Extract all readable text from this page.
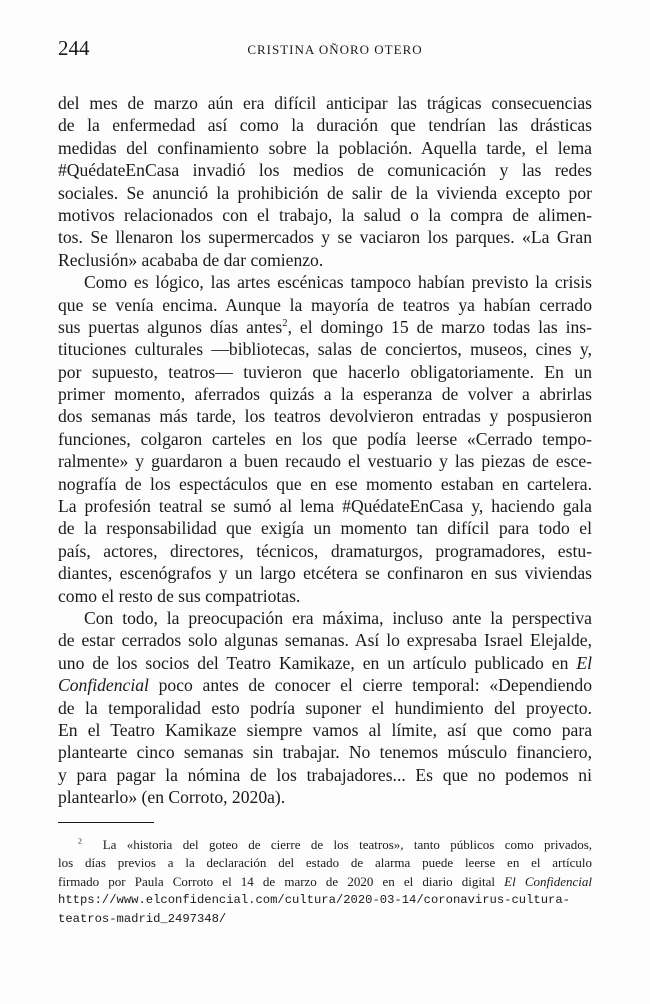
244	CRISTINA OÑORO OTERO
del mes de marzo aún era difícil anticipar las trágicas consecuencias
de la enfermedad así como la duración que tendrían las drásticas
medidas del confinamiento sobre la población. Aquella tarde, el lema
#QuédateEnCasa invadió los medios de comunicación y las redes
sociales. Se anunció la prohibición de salir de la vivienda excepto por
motivos relacionados con el trabajo, la salud o la compra de alimen-
tos. Se llenaron los supermercados y se vaciaron los parques. «La Gran
Reclusión» acababa de dar comienzo.
Como es lógico, las artes escénicas tampoco habían previsto la crisis
que se venía encima. Aunque la mayoría de teatros ya habían cerrado
sus puertas algunos días antes$^2$, el domingo 15 de marzo todas las ins-
tituciones culturales —bibliotecas, salas de conciertos, museos, cines y,
por supuesto, teatros— tuvieron que hacerlo obligatoriamente. En un
primer momento, aferrados quizás a la esperanza de volver a abrirlas
dos semanas más tarde, los teatros devolvieron entradas y pospusieron
funciones, colgaron carteles en los que podía leerse «Cerrado tempo-
ralmente» y guardaron a buen recaudo el vestuario y las piezas de esce-
nografía de los espectáculos que en ese momento estaban en cartelera.
La profesión teatral se sumó al lema #QuédateEnCasa y, haciendo gala
de la responsabilidad que exigía un momento tan difícil para todo el
país, actores, directores, técnicos, dramaturgos, programadores, estu-
diantes, escenógrafos y un largo etcétera se confinaron en sus viviendas
como el resto de sus compatriotas.
Con todo, la preocupación era máxima, incluso ante la perspectiva
de estar cerrados solo algunas semanas. Así lo expresaba Israel Elejalde,
uno de los socios del Teatro Kamikaze, en un artículo publicado en El
Confidencial poco antes de conocer el cierre temporal: «Dependiendo
de la temporalidad esto podría suponer el hundimiento del proyecto.
En el Teatro Kamikaze siempre vamos al límite, así que como para
plantearte cinco semanas sin trabajar. No tenemos músculo financiero,
y para pagar la nómina de los trabajadores... Es que no podemos ni
plantearlo» (en Corroto, 2020a).
$^2$ La «historia del goteo de cierre de los teatros», tanto públicos como privados,
los días previos a la declaración del estado de alarma puede leerse en el artículo
firmado por Paula Corroto el 14 de marzo de 2020 en el diario digital El Confidencial
https://www.elconfidencial.com/cultura/2020-03-14/coronavirus-cultura-
teatros-madrid_2497348/
